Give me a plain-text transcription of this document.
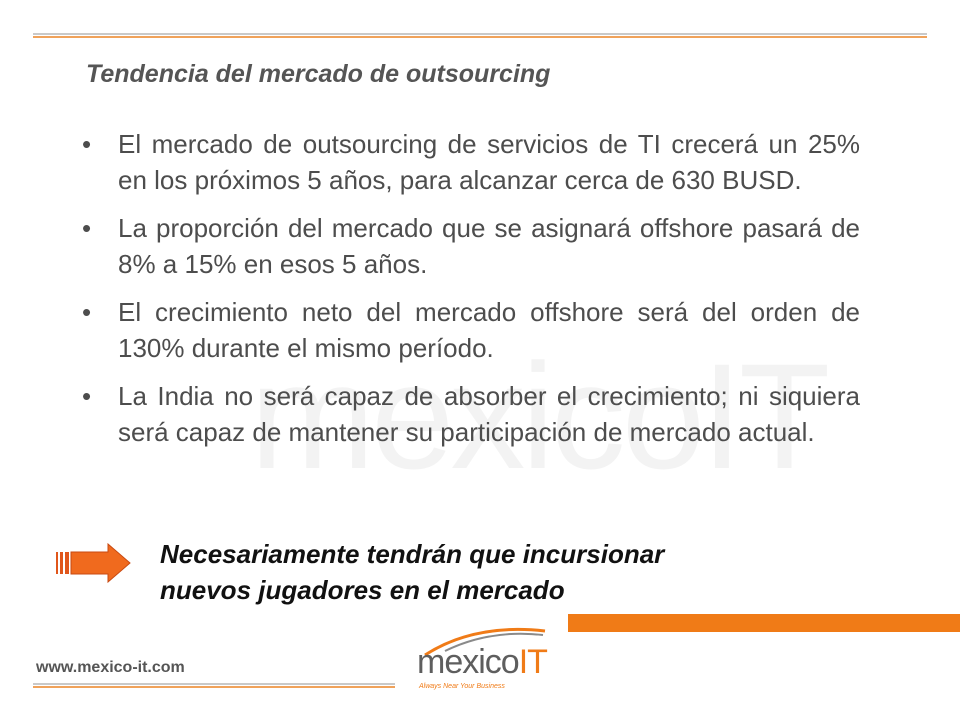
Tendencia del mercado de outsourcing
• El mercado de outsourcing de servicios de TI crecerá un 25% en los próximos 5 años, para alcanzar cerca de 630 BUSD.
• La proporción del mercado que se asignará offshore pasará de 8% a 15% en esos 5 años.
• El crecimiento neto del mercado offshore será del orden de 130% durante el mismo período.
• La India no será capaz de absorber el crecimiento; ni siquiera será capaz de mantener su participación de mercado actual.
Necesariamente tendrán que incursionar
nuevos jugadores en el mercado
www.mexico-it.com	mexicoIT
Always Near Your Business
